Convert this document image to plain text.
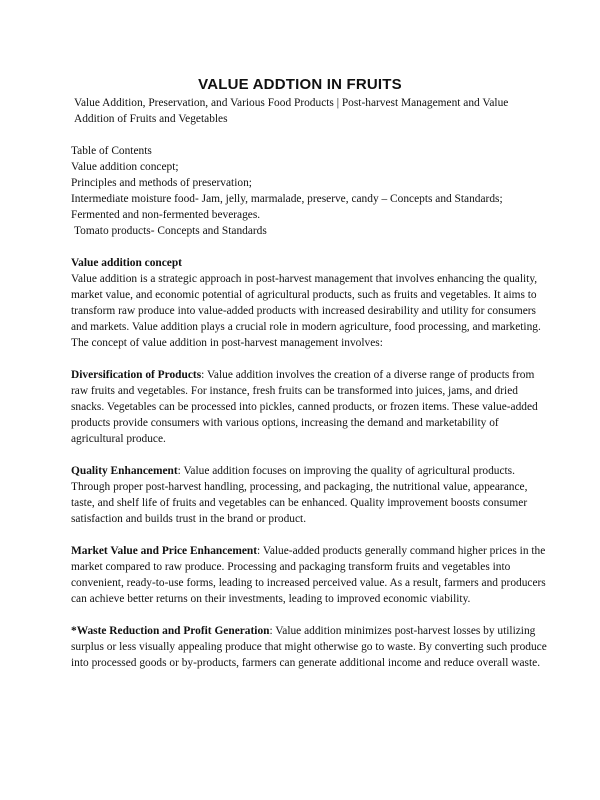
VALUE ADDTION IN FRUITS
Value Addition, Preservation, and Various Food Products | Post-harvest Management and Value Addition of Fruits and Vegetables
Table of Contents
Value addition concept;
Principles and methods of preservation;
Intermediate moisture food- Jam, jelly, marmalade, preserve, candy – Concepts and Standards;
Fermented and non-fermented beverages.
Tomato products- Concepts and Standards
Value addition concept

Value addition is a strategic approach in post-harvest management that involves enhancing the quality, market value, and economic potential of agricultural products, such as fruits and vegetables. It aims to transform raw produce into value-added products with increased desirability and utility for consumers and markets. Value addition plays a crucial role in modern agriculture, food processing, and marketing. The concept of value addition in post-harvest management involves:

Diversification of Products: Value addition involves the creation of a diverse range of products from raw fruits and vegetables. For instance, fresh fruits can be transformed into juices, jams, and dried snacks. Vegetables can be processed into pickles, canned products, or frozen items. These value-added products provide consumers with various options, increasing the demand and marketability of agricultural produce.

Quality Enhancement: Value addition focuses on improving the quality of agricultural products. Through proper post-harvest handling, processing, and packaging, the nutritional value, appearance, taste, and shelf life of fruits and vegetables can be enhanced. Quality improvement boosts consumer satisfaction and builds trust in the brand or product.

Market Value and Price Enhancement: Value-added products generally command higher prices in the market compared to raw produce. Processing and packaging transform fruits and vegetables into convenient, ready-to-use forms, leading to increased perceived value. As a result, farmers and producers can achieve better returns on their investments, leading to improved economic viability.

*Waste Reduction and Profit Generation: Value addition minimizes post-harvest losses by utilizing surplus or less visually appealing produce that might otherwise go to waste. By converting such produce into processed goods or by-products, farmers can generate additional income and reduce overall waste.
